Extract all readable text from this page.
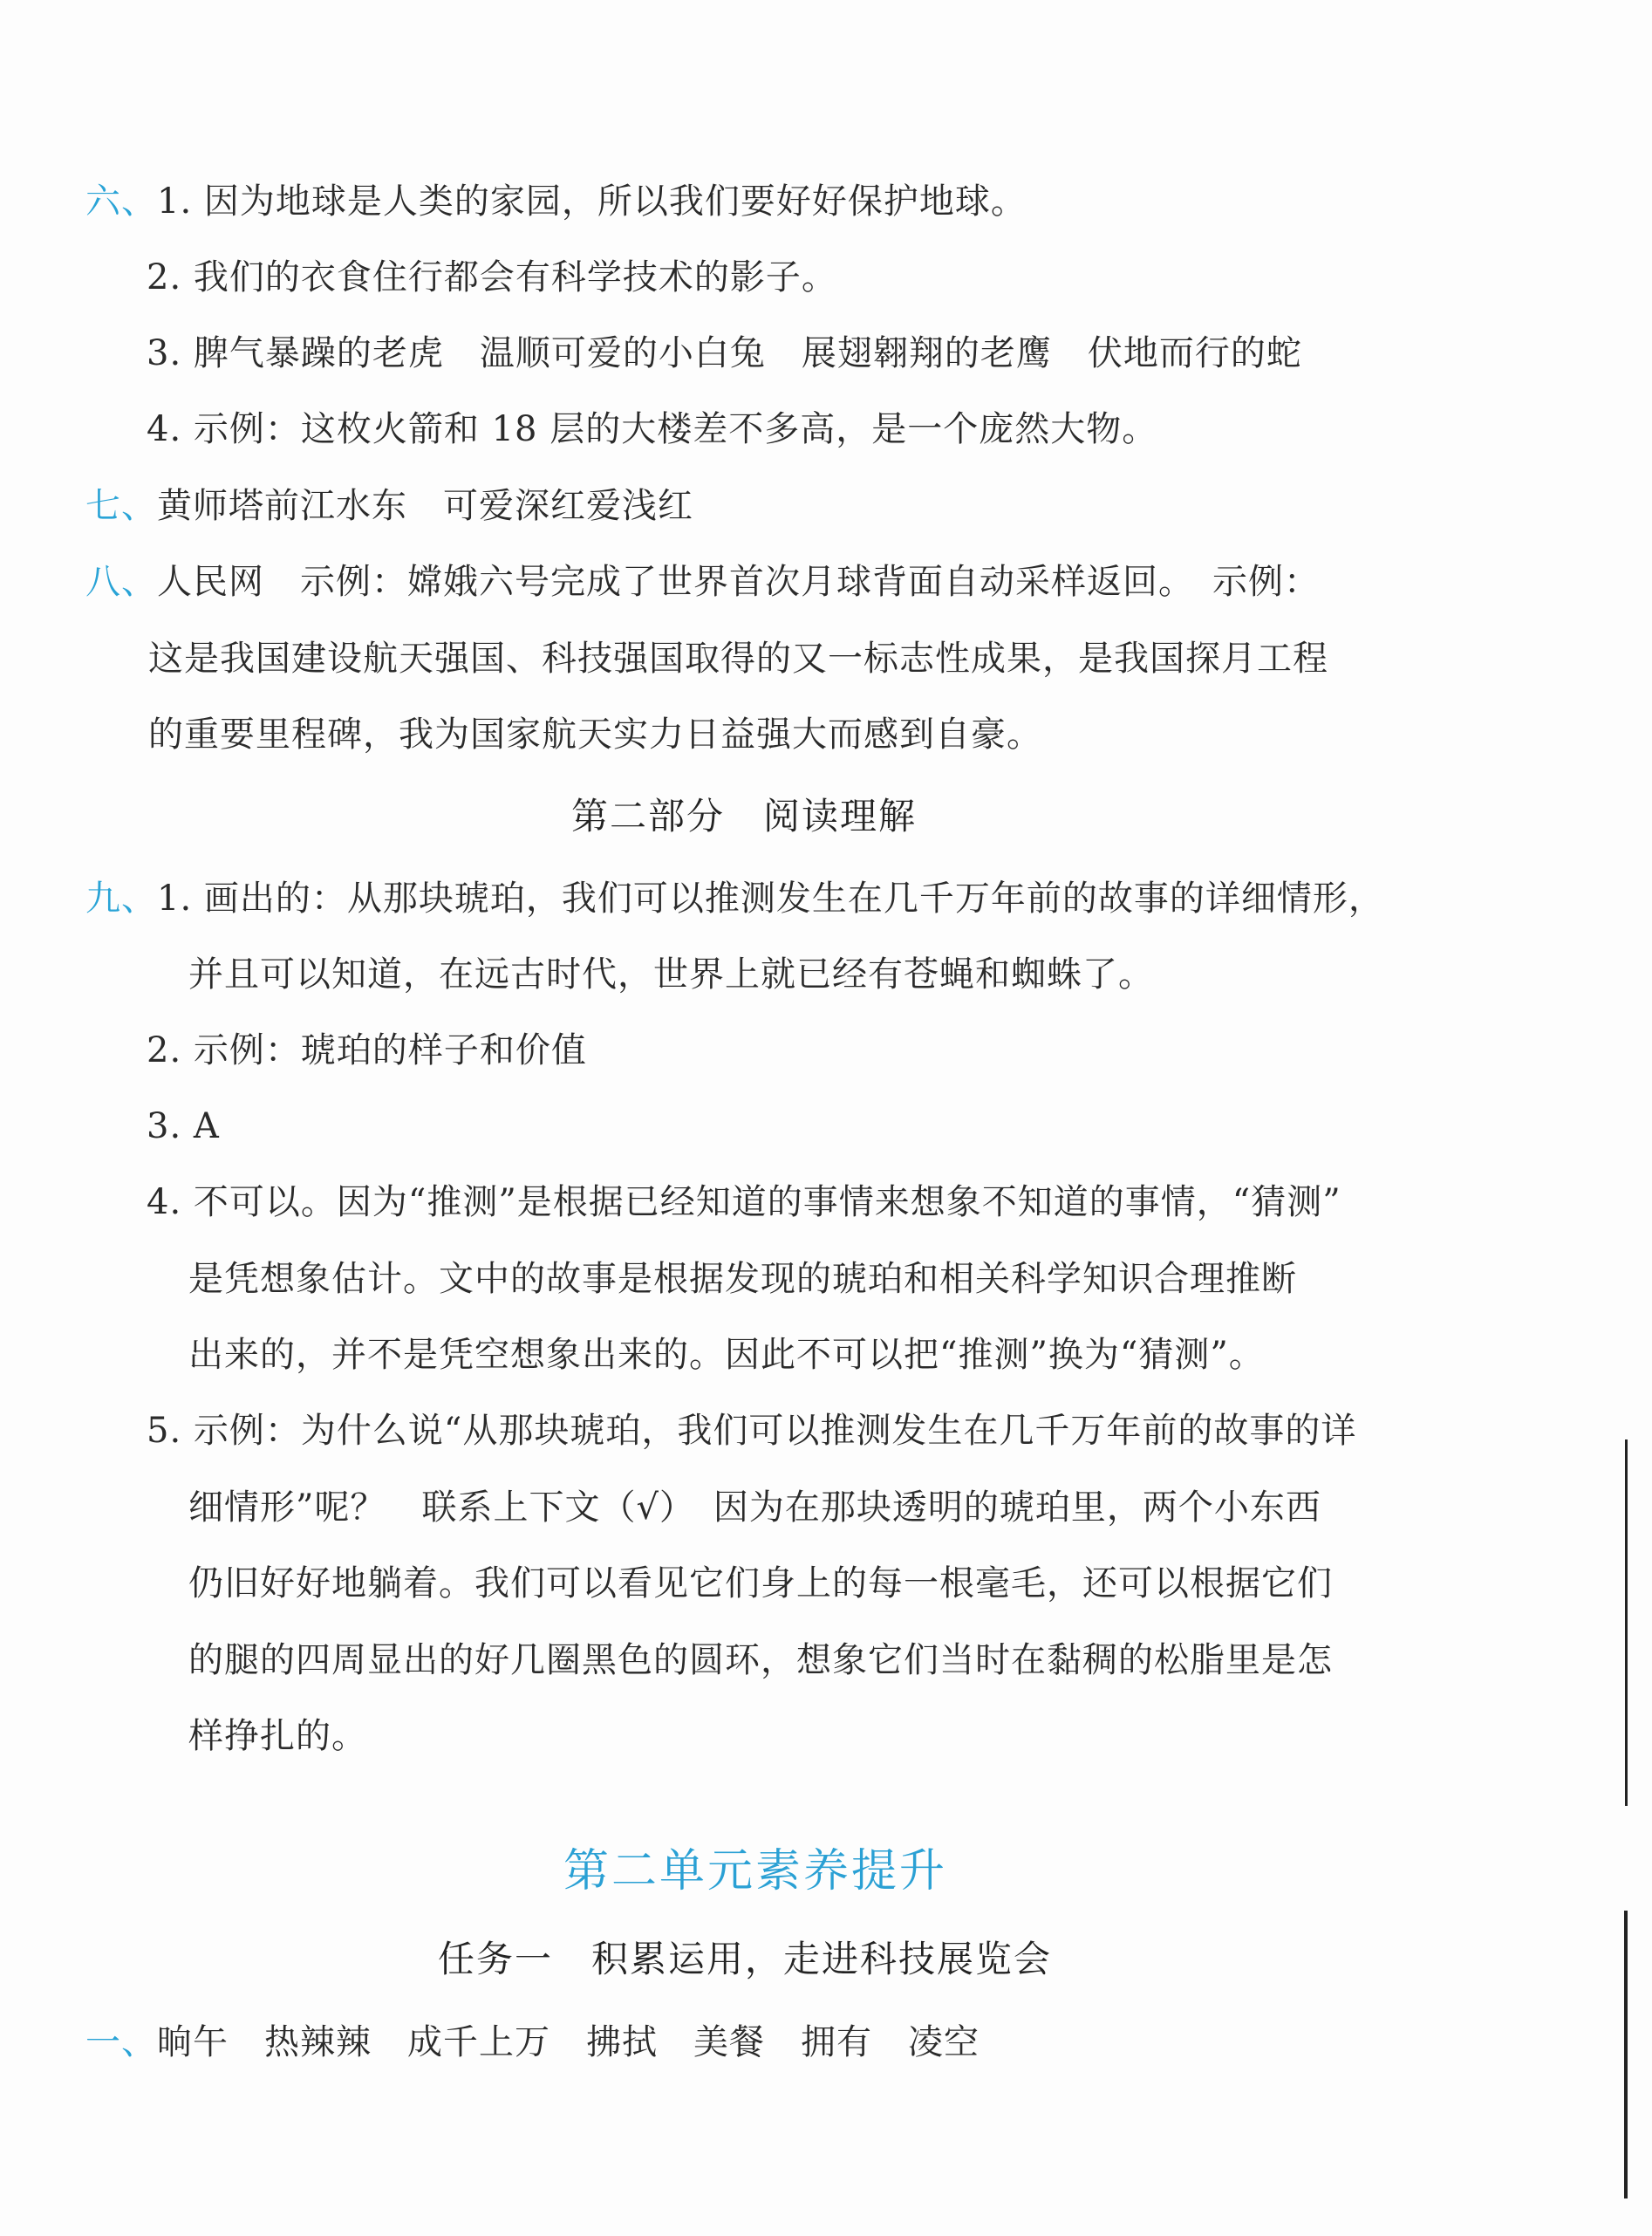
六、1. 因为地球是人类的家园，所以我们要好好保护地球。
2. 我们的衣食住行都会有科学技术的影子。
3. 脾气暴躁的老虎　温顺可爱的小白兔　展翅翱翔的老鹰　伏地而行的蛇
4. 示例：这枚火箭和 18 层的大楼差不多高，是一个庞然大物。
七、黄师塔前江水东　可爱深红爱浅红
八、人民网　示例：嫦娥六号完成了世界首次月球背面自动采样返回。　示例：
这是我国建设航天强国、科技强国取得的又一标志性成果，是我国探月工程
的重要里程碑，我为国家航天实力日益强大而感到自豪。
第二部分　阅读理解
九、1. 画出的：从那块琥珀，我们可以推测发生在几千万年前的故事的详细情形，
并且可以知道，在远古时代，世界上就已经有苍蝇和蜘蛛了。
2. 示例：琥珀的样子和价值
3. A
4. 不可以。因为“推测”是根据已经知道的事情来想象不知道的事情，“猜测”
是凭想象估计。文中的故事是根据发现的琥珀和相关科学知识合理推断
出来的，并不是凭空想象出来的。因此不可以把“推测”换为“猜测”。
5. 示例：为什么说“从那块琥珀，我们可以推测发生在几千万年前的故事的详
细情形”呢？　联系上下文（√）　因为在那块透明的琥珀里，两个小东西
仍旧好好地躺着。我们可以看见它们身上的每一根毫毛，还可以根据它们
的腿的四周显出的好几圈黑色的圆环，想象它们当时在黏稠的松脂里是怎
样挣扎的。
第二单元素养提升
任务一　积累运用，走进科技展览会
一、晌午　热辣辣　成千上万　拂拭　美餐　拥有　凌空
